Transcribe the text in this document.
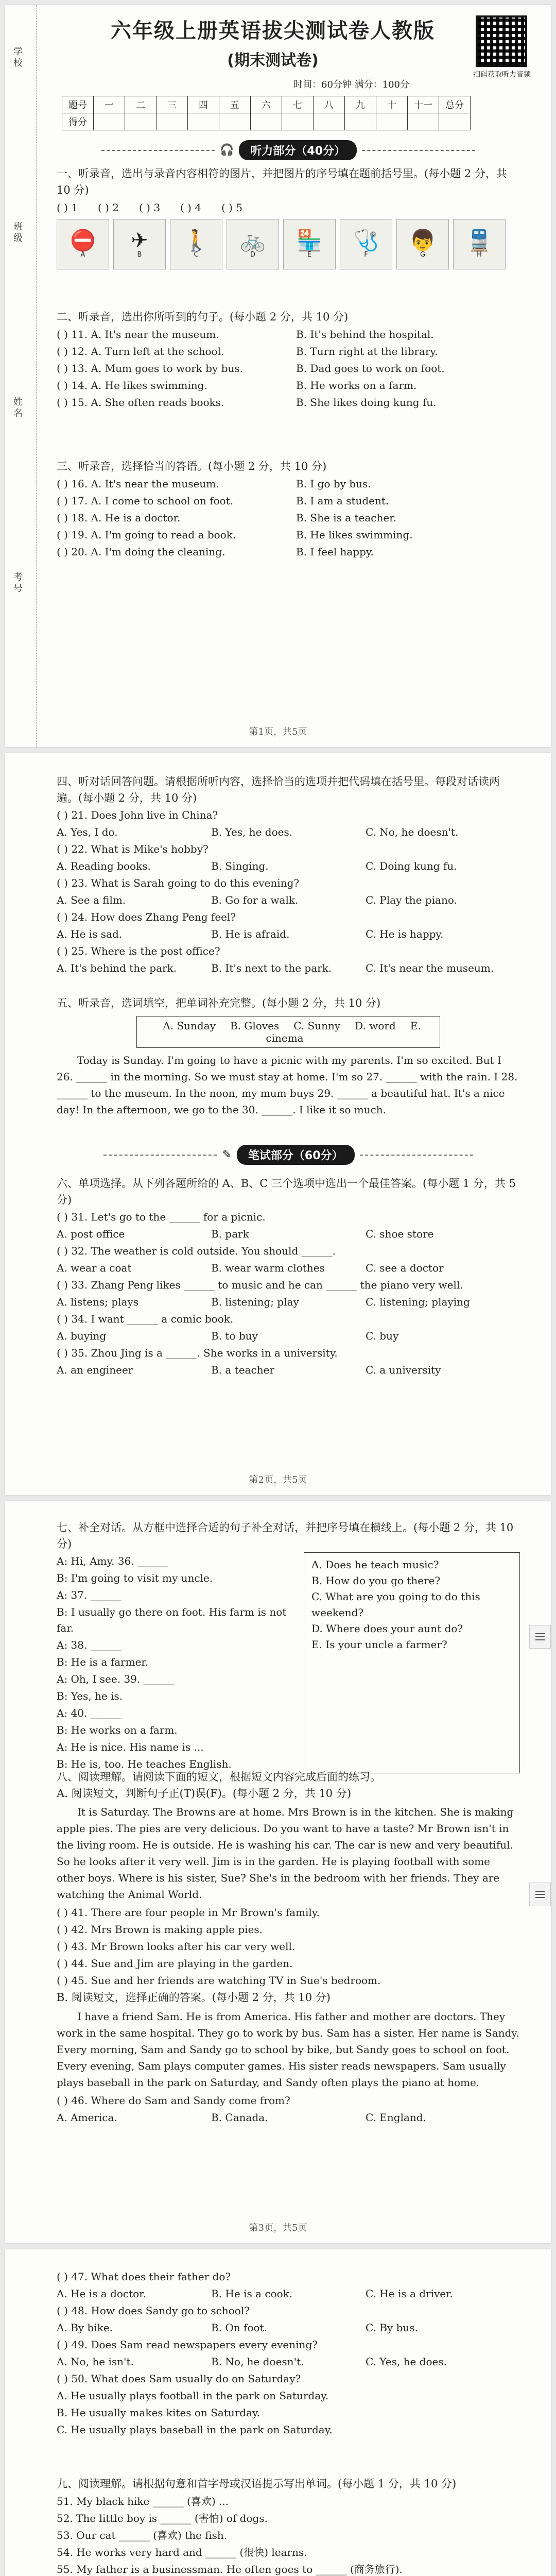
学校
班级
姓名
考号
六年级上册英语拔尖测试卷人教版
(期末测试卷)
时间：60分钟 满分：100分
扫码获取听力音频
题号	一	二	三	四	五	六	七	八	九	十	十一	总分
得分												
🎧	听力部分（40分）

一、听录音，选出与录音内容相符的图片，并把图片的序号填在题前括号里。(每小题 2 分，共 10 分)

( ) 1	( ) 2	( ) 3	( ) 4	( ) 5
⛔
A
✈
B
🚶
C
🚲
D
🏪
E
🩺
F
👦
G
🚆
H

二、听录音，选出你所听到的句子。(每小题 2 分，共 10 分)

( ) 11. A. It's near the museum.	B. It's behind the hospital.
( ) 12. A. Turn left at the school.	B. Turn right at the library.
( ) 13. A. Mum goes to work by bus.	B. Dad goes to work on foot.
( ) 14. A. He likes swimming.	B. He works on a farm.
( ) 15. A. She often reads books.	B. She likes doing kung fu.

三、听录音，选择恰当的答语。(每小题 2 分，共 10 分)

( ) 16. A. It's near the museum.	B. I go by bus.
( ) 17. A. I come to school on foot.	B. I am a student.
( ) 18. A. He is a doctor.	B. She is a teacher.
( ) 19. A. I'm going to read a book.	B. He likes swimming.
( ) 20. A. I'm doing the cleaning.	B. I feel happy.
第1页，共5页

四、听对话回答问题。请根据所听内容，选择恰当的选项并把代码填在括号里。每段对话读两遍。(每小题 2 分，共 10 分)

( ) 21. Does John live in China?

A. Yes, I do.	B. Yes, he does.	C. No, he doesn't.

( ) 22. What is Mike's hobby?

A. Reading books.	B. Singing.	C. Doing kung fu.

( ) 23. What is Sarah going to do this evening?

A. See a film.	B. Go for a walk.	C. Play the piano.

( ) 24. How does Zhang Peng feel?

A. He is sad.	B. He is afraid.	C. He is happy.

( ) 25. Where is the post office?

A. It's behind the park.	B. It's next to the park.	C. It's near the museum.

五、听录音，选词填空，把单词补充完整。(每小题 2 分，共 10 分)

A. Sunday B. Gloves C. Sunny D. word E. cinema

Today is Sunday. I'm going to have a picnic with my parents. I'm so excited. But I 26. ______ in the morning. So we must stay at home. I'm so 27. ______ with the rain. I 28. ______ to the museum. In the noon, my mum buys 29. ______ a beautiful hat. It's a nice day! In the afternoon, we go to the 30. ______. I like it so much.

✎	笔试部分（60分）

六、单项选择。从下列各题所给的 A、B、C 三个选项中选出一个最佳答案。(每小题 1 分，共 5 分)

( ) 31. Let's go to the ______ for a picnic.

A. post office	B. park	C. shoe store

( ) 32. The weather is cold outside. You should ______.

A. wear a coat	B. wear warm clothes	C. see a doctor

( ) 33. Zhang Peng likes ______ to music and he can ______ the piano very well.

A. listens; plays	B. listening; play	C. listening; playing

( ) 34. I want ______ a comic book.

A. buying	B. to buy	C. buy

( ) 35. Zhou Jing is a ______. She works in a university.

A. an engineer	B. a teacher	C. a university
第2页，共5页

七、补全对话。从方框中选择合适的句子补全对话，并把序号填在横线上。(每小题 2 分，共 10 分)

A: Hi, Amy. 36. ______

B: I'm going to visit my uncle.

A: 37. ______

B: I usually go there on foot. His farm is not far.

A: 38. ______

B: He is a farmer.

A: Oh, I see. 39. ______

B: Yes, he is.

A: 40. ______

B: He works on a farm.

A: He is nice. His name is ...

B: He is, too. He teaches English.

A. Does he teach music?
B. How do you go there?
C. What are you going to do this weekend?
D. Where does your aunt do?
E. Is your uncle a farmer?

八、阅读理解。请阅读下面的短文，根据短文内容完成后面的练习。

A. 阅读短文，判断句子正(T)误(F)。(每小题 2 分，共 10 分)

It is Saturday. The Browns are at home. Mrs Brown is in the kitchen. She is making apple pies. The pies are very delicious. Do you want to have a taste? Mr Brown isn't in the living room. He is outside. He is washing his car. The car is new and very beautiful. So he looks after it very well. Jim is in the garden. He is playing football with some other boys. Where is his sister, Sue? She's in the bedroom with her friends. They are watching the Animal World.

( ) 41. There are four people in Mr Brown's family.

( ) 42. Mrs Brown is making apple pies.

( ) 43. Mr Brown looks after his car very well.

( ) 44. Sue and Jim are playing in the garden.

( ) 45. Sue and her friends are watching TV in Sue's bedroom.

B. 阅读短文，选择正确的答案。(每小题 2 分，共 10 分)

I have a friend Sam. He is from America. His father and mother are doctors. They work in the same hospital. They go to work by bus. Sam has a sister. Her name is Sandy. Every morning, Sam and Sandy go to school by bike, but Sandy goes to school on foot. Every evening, Sam plays computer games. His sister reads newspapers. Sam usually plays baseball in the park on Saturday, and Sandy often plays the piano at home.

( ) 46. Where do Sam and Sandy come from?

A. America.	B. Canada.	C. England.
第3页，共5页

( ) 47. What does their father do?

A. He is a doctor.	B. He is a cook.	C. He is a driver.

( ) 48. How does Sandy go to school?

A. By bike.	B. On foot.	C. By bus.

( ) 49. Does Sam read newspapers every evening?

A. No, he isn't.	B. No, he doesn't.	C. Yes, he does.

( ) 50. What does Sam usually do on Saturday?

A. He usually plays football in the park on Saturday.

B. He usually makes kites on Saturday.

C. He usually plays baseball in the park on Saturday.

九、阅读理解。请根据句意和首字母或汉语提示写出单词。(每小题 1 分，共 10 分)

51. My black hike ______ (喜欢) ...

52. The little boy is ______ (害怕) of dogs.

53. Our cat ______ (喜欢) the fish.

54. He works very hard and ______ (很快) learns.

55. My father is a businessman. He often goes to ______ (商务旅行).
